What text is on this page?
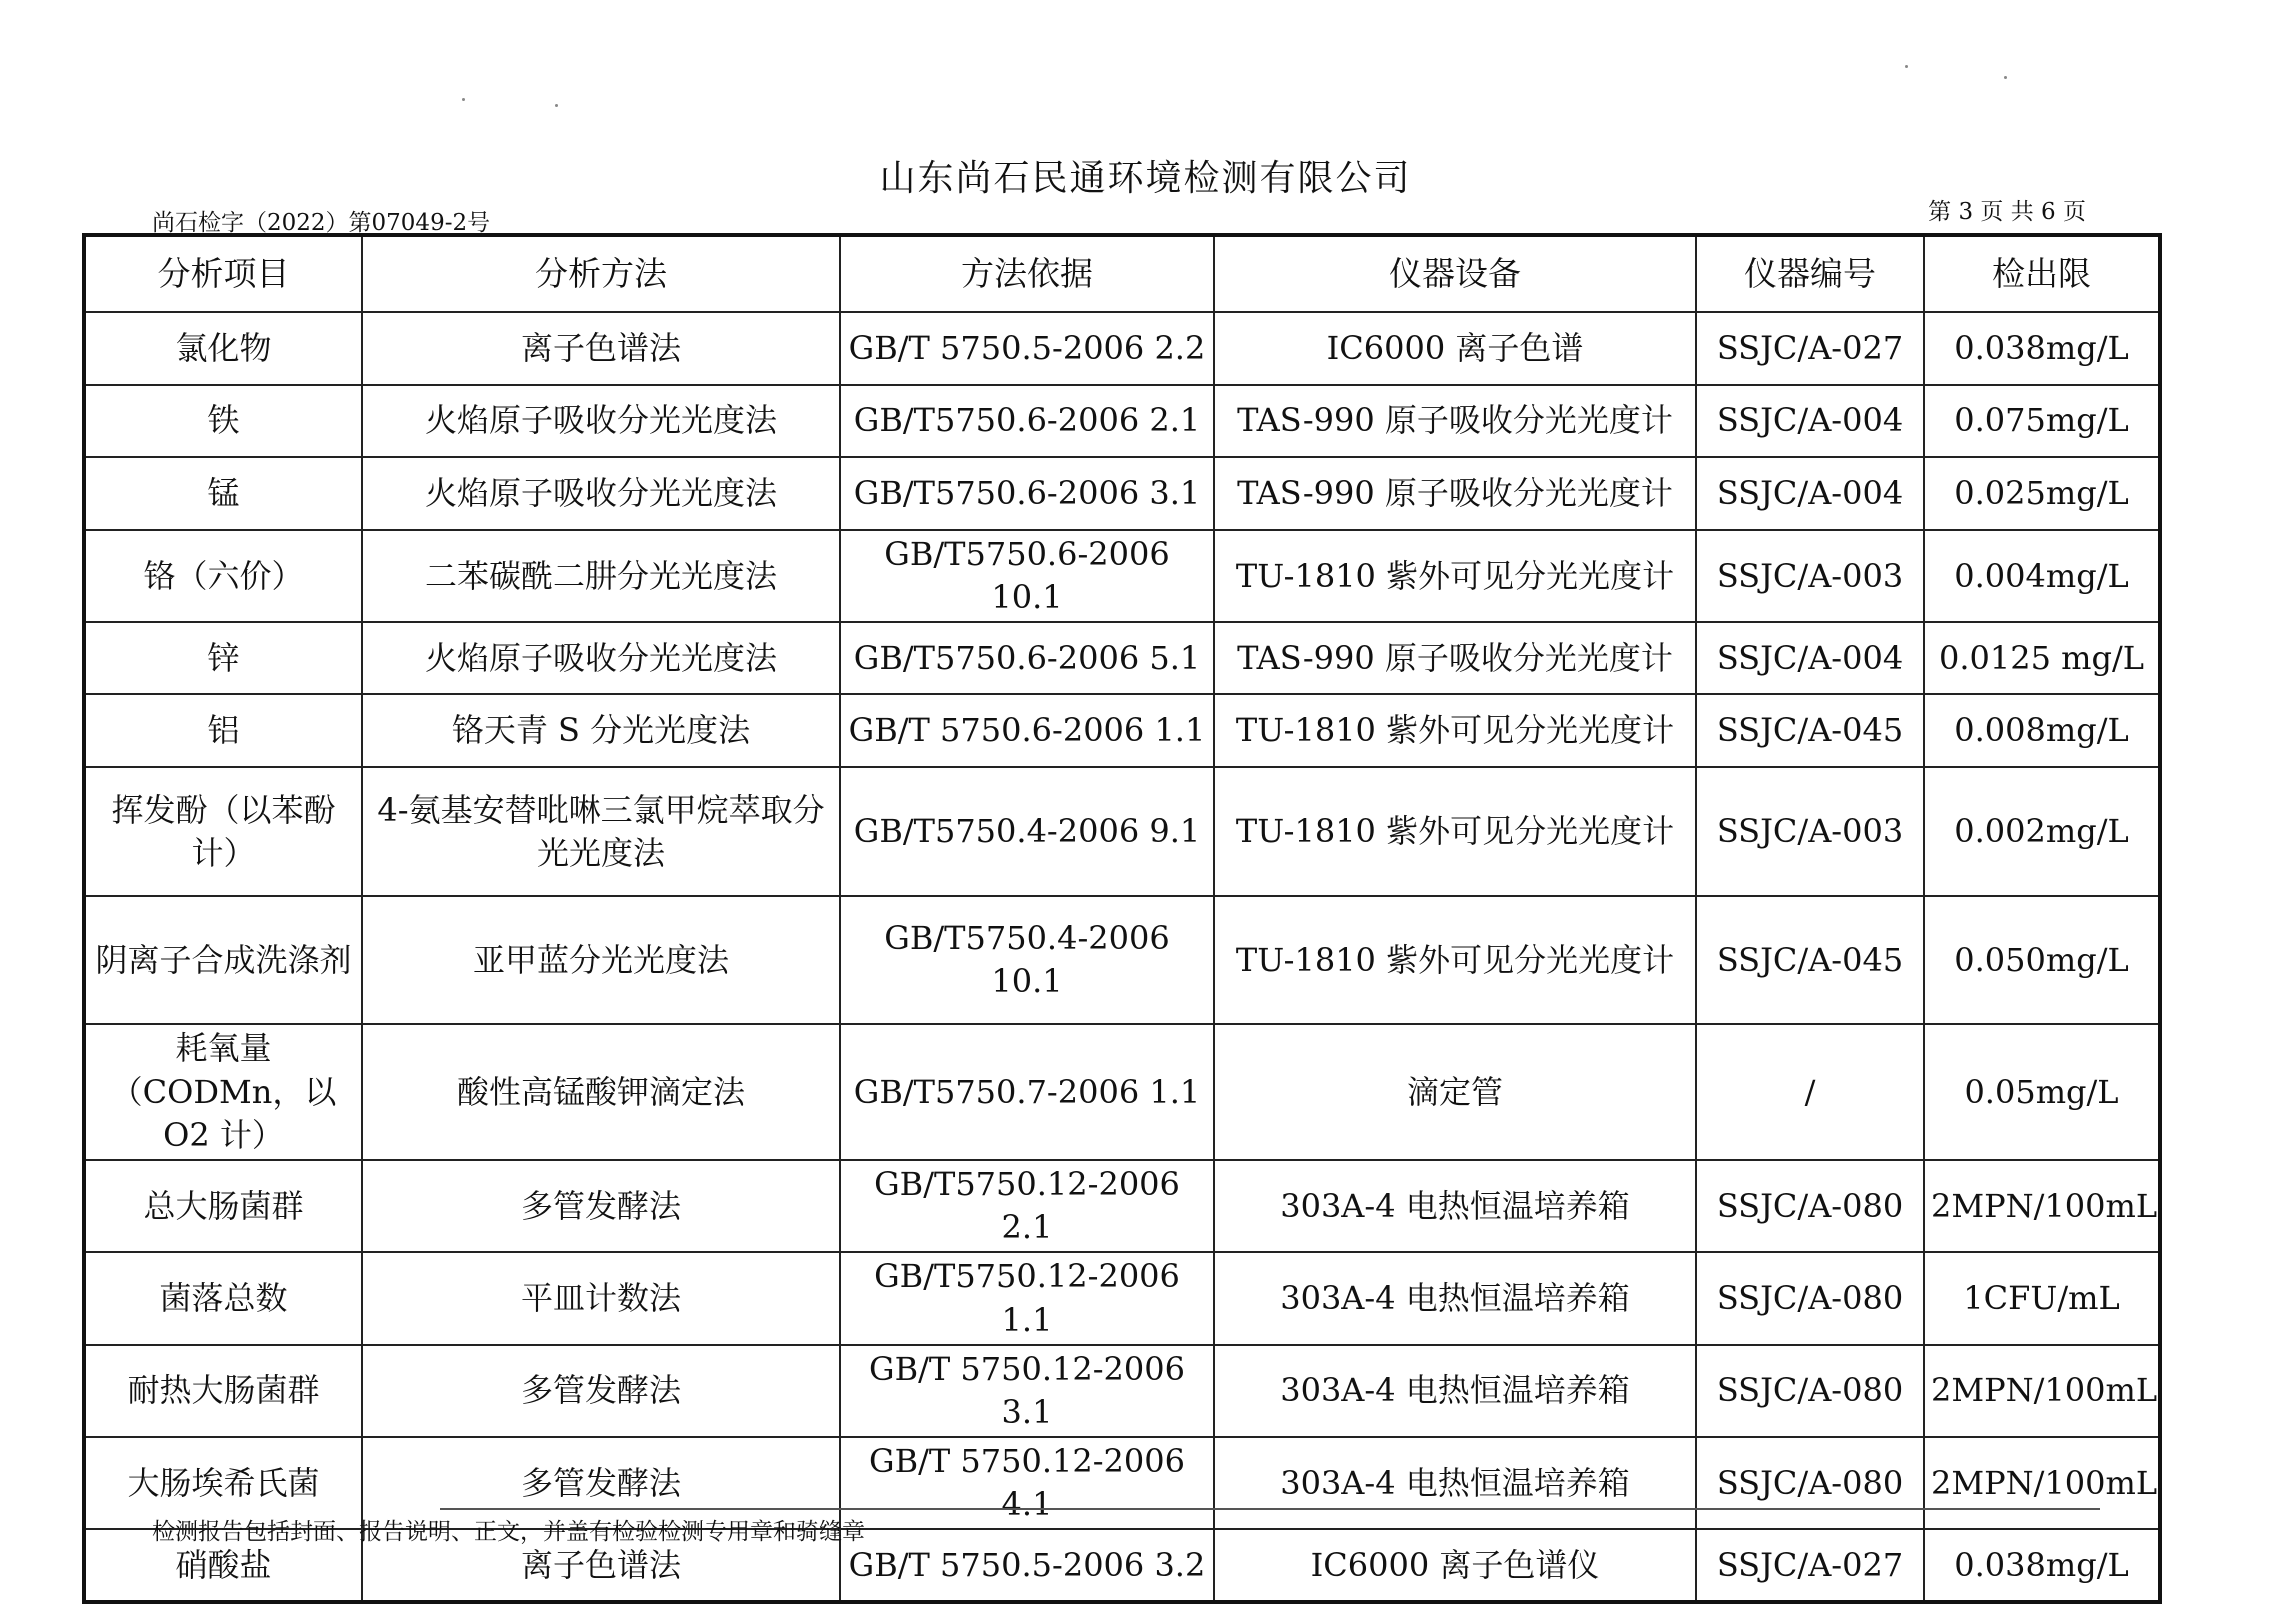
山东尚石民通环境检测有限公司
尚石检字（2022）第07049-2号	第 3 页 共 6 页
分析项目	分析方法	方法依据	仪器设备	仪器编号	检出限
氯化物	离子色谱法	GB/T 5750.5-2006 2.2	IC6000 离子色谱	SSJC/A-027	0.038mg/L
铁	火焰原子吸收分光光度法	GB/T5750.6-2006 2.1	TAS-990 原子吸收分光光度计	SSJC/A-004	0.075mg/L
锰	火焰原子吸收分光光度法	GB/T5750.6-2006 3.1	TAS-990 原子吸收分光光度计	SSJC/A-004	0.025mg/L
铬（六价）	二苯碳酰二肼分光光度法	GB/T5750.6-2006 10.1	TU-1810 紫外可见分光光度计	SSJC/A-003	0.004mg/L
锌	火焰原子吸收分光光度法	GB/T5750.6-2006 5.1	TAS-990 原子吸收分光光度计	SSJC/A-004	0.0125 mg/L
铝	铬天青 S 分光光度法	GB/T 5750.6-2006 1.1	TU-1810 紫外可见分光光度计	SSJC/A-045	0.008mg/L
挥发酚（以苯酚计）	4-氨基安替吡啉三氯甲烷萃取分光光度法	GB/T5750.4-2006 9.1	TU-1810 紫外可见分光光度计	SSJC/A-003	0.002mg/L
阴离子合成洗涤剂	亚甲蓝分光光度法	GB/T5750.4-2006 10.1	TU-1810 紫外可见分光光度计	SSJC/A-045	0.050mg/L
耗氧量（CODMn，以 O2 计）	酸性高锰酸钾滴定法	GB/T5750.7-2006 1.1	滴定管	/	0.05mg/L
总大肠菌群	多管发酵法	GB/T5750.12-2006 2.1	303A-4 电热恒温培养箱	SSJC/A-080	2MPN/100mL
菌落总数	平皿计数法	GB/T5750.12-2006 1.1	303A-4 电热恒温培养箱	SSJC/A-080	1CFU/mL
耐热大肠菌群	多管发酵法	GB/T 5750.12-2006 3.1	303A-4 电热恒温培养箱	SSJC/A-080	2MPN/100mL
大肠埃希氏菌	多管发酵法	GB/T 5750.12-2006 4.1	303A-4 电热恒温培养箱	SSJC/A-080	2MPN/100mL
硝酸盐	离子色谱法	GB/T 5750.5-2006 3.2	IC6000 离子色谱仪	SSJC/A-027	0.038mg/L
检测报告包括封面、报告说明、正文，并盖有检验检测专用章和骑缝章
